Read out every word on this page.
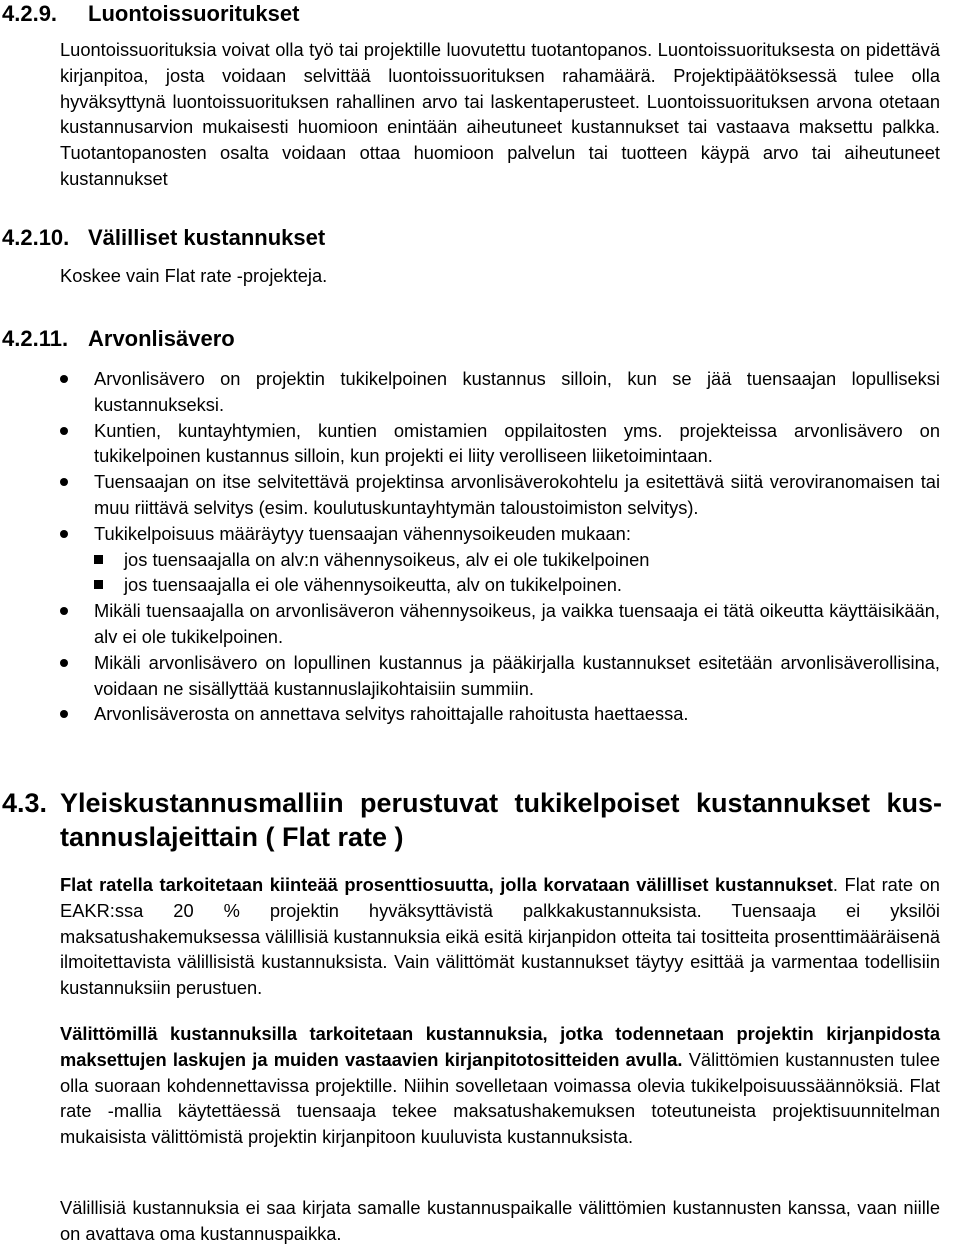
4.2.9. Luontoissuoritukset

Luontoissuorituksia voivat olla työ tai projektille luovutettu tuotantopanos. Luontoissuorituksesta on pidettävä kirjanpitoa, josta voidaan selvittää luontoissuorituksen rahamäärä. Projektipäätöksessä tulee olla hyväksyttynä luontoissuorituksen rahallinen arvo tai laskentaperusteet. Luontoissuorituksen arvona otetaan kustannusarvion mukaisesti huomioon enintään aiheutuneet kustannukset tai vastaava maksettu palkka. Tuotantopanosten osalta voidaan ottaa huomioon palvelun tai tuotteen käypä arvo tai aiheutuneet kustannukset

4.2.10. Välilliset kustannukset

Koskee vain Flat rate -projekteja.

4.2.11. Arvonlisävero
Arvonlisävero on projektin tukikelpoinen kustannus silloin, kun se jää tuensaajan lopulliseksi kustannukseksi.
Kuntien, kuntayhtymien, kuntien omistamien oppilaitosten yms. projekteissa arvonlisävero on tukikelpoinen kustannus silloin, kun projekti ei liity verolliseen liiketoimintaan.
Tuensaajan on itse selvitettävä projektinsa arvonlisäverokohtelu ja esitettävä siitä veroviranomaisen tai muu riittävä selvitys (esim. koulutuskuntayhtymän taloustoimiston selvitys).
Tukikelpoisuus määräytyy tuensaajan vähennysoikeuden mukaan:
jos tuensaajalla on alv:n vähennysoikeus, alv ei ole tukikelpoinen
jos tuensaajalla ei ole vähennysoikeutta, alv on tukikelpoinen.
Mikäli tuensaajalla on arvonlisäveron vähennysoikeus, ja vaikka tuensaaja ei tätä oikeutta käyttäisikään, alv ei ole tukikelpoinen.
Mikäli arvonlisävero on lopullinen kustannus ja pääkirjalla kustannukset esitetään arvonlisäverollisina, voidaan ne sisällyttää kustannuslajikohtaisiin summiin.
Arvonlisäverosta on annettava selvitys rahoittajalle rahoitusta haettaessa.
4.3. Yleiskustannusmalliin perustuvat tukikelpoiset kustannukset kustannuslajeittain ( Flat rate )

Flat ratella tarkoitetaan kiinteää prosenttiosuutta, jolla korvataan välilliset kustannukset. Flat rate on EAKR:ssa 20 % projektin hyväksyttävistä palkkakustannuksista. Tuensaaja ei yksilöi maksatushakemuksessa välillisiä kustannuksia eikä esitä kirjanpidon otteita tai tositteita prosenttimääräisenä ilmoitettavista välillisistä kustannuksista. Vain välittömät kustannukset täytyy esittää ja varmentaa todellisiin kustannuksiin perustuen.

Välittömillä kustannuksilla tarkoitetaan kustannuksia, jotka todennetaan projektin kirjanpidosta maksettujen laskujen ja muiden vastaavien kirjanpitotositteiden avulla. Välittömien kustannusten tulee olla suoraan kohdennettavissa projektille. Niihin sovelletaan voimassa olevia tukikelpoisuussäännöksiä. Flat rate -mallia käytettäessä tuensaaja tekee maksatushakemuksen toteutuneista projektisuunnitelman mukaisista välittömistä projektin kirjanpitoon kuuluvista kustannuksista.

Välillisiä kustannuksia ei saa kirjata samalle kustannuspaikalle välittömien kustannusten kanssa, vaan niille on avattava oma kustannuspaikka.
